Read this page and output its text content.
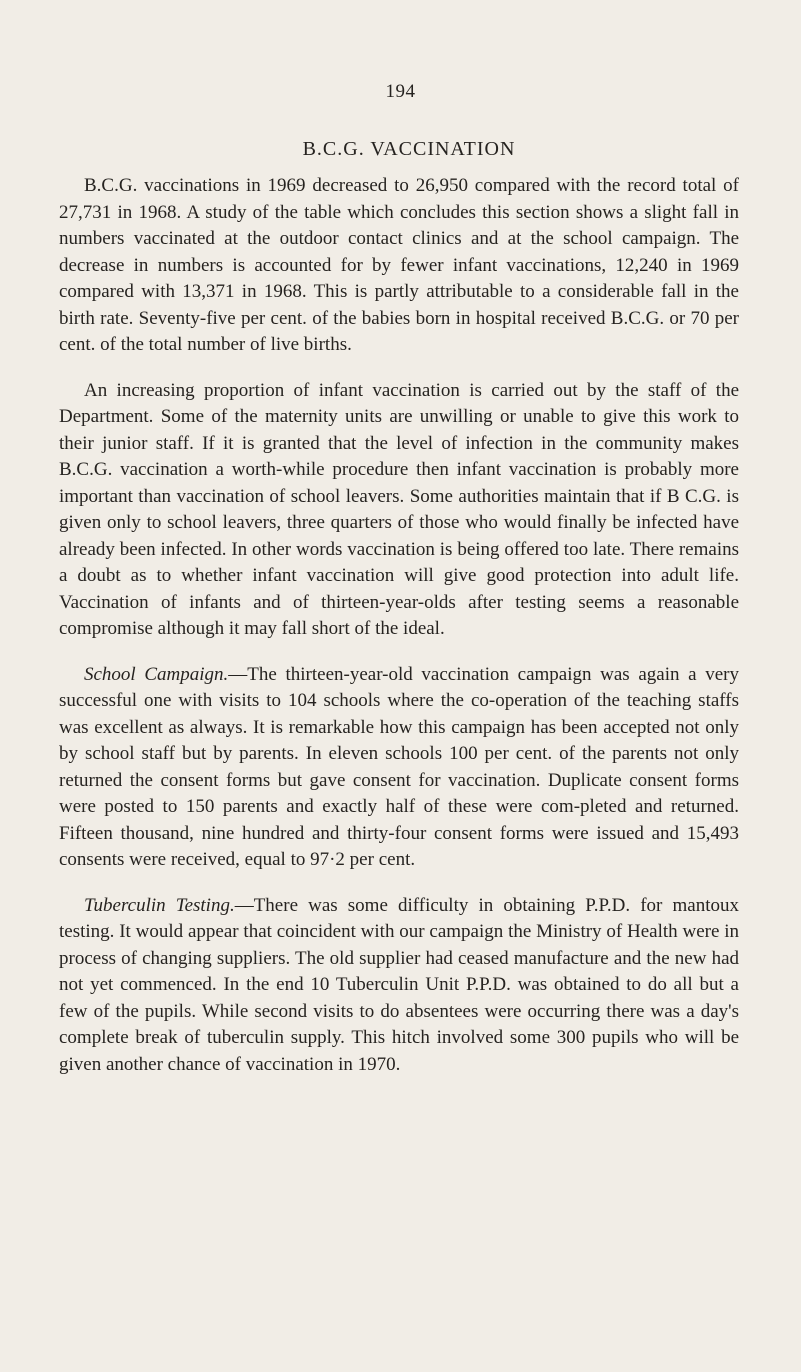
194
B.C.G. VACCINATION

B.C.G. vaccinations in 1969 decreased to 26,950 compared with the record total of 27,731 in 1968. A study of the table which concludes this section shows a slight fall in numbers vaccinated at the outdoor contact clinics and at the school campaign. The decrease in numbers is accounted for by fewer infant vaccinations, 12,240 in 1969 compared with 13,371 in 1968. This is partly attributable to a considerable fall in the birth rate. Seventy-five per cent. of the babies born in hospital received B.C.G. or 70 per cent. of the total number of live births.

An increasing proportion of infant vaccination is carried out by the staff of the Department. Some of the maternity units are unwilling or unable to give this work to their junior staff. If it is granted that the level of infection in the community makes B.C.G. vaccination a worth-while procedure then infant vaccination is probably more important than vaccination of school leavers. Some authorities maintain that if B C.G. is given only to school leavers, three quarters of those who would finally be infected have already been infected. In other words vaccination is being offered too late. There remains a doubt as to whether infant vaccination will give good protection into adult life. Vaccination of infants and of thirteen-year-olds after testing seems a reasonable compromise although it may fall short of the ideal.

School Campaign.—The thirteen-year-old vaccination campaign was again a very successful one with visits to 104 schools where the co-operation of the teaching staffs was excellent as always. It is remarkable how this campaign has been accepted not only by school staff but by parents. In eleven schools 100 per cent. of the parents not only returned the consent forms but gave consent for vaccination. Duplicate consent forms were posted to 150 parents and exactly half of these were com-pleted and returned. Fifteen thousand, nine hundred and thirty-four consent forms were issued and 15,493 consents were received, equal to 97·2 per cent.

Tuberculin Testing.—There was some difficulty in obtaining P.P.D. for mantoux testing. It would appear that coincident with our campaign the Ministry of Health were in process of changing suppliers. The old supplier had ceased manufacture and the new had not yet commenced. In the end 10 Tuberculin Unit P.P.D. was obtained to do all but a few of the pupils. While second visits to do absentees were occurring there was a day's complete break of tuberculin supply. This hitch involved some 300 pupils who will be given another chance of vaccination in 1970.
